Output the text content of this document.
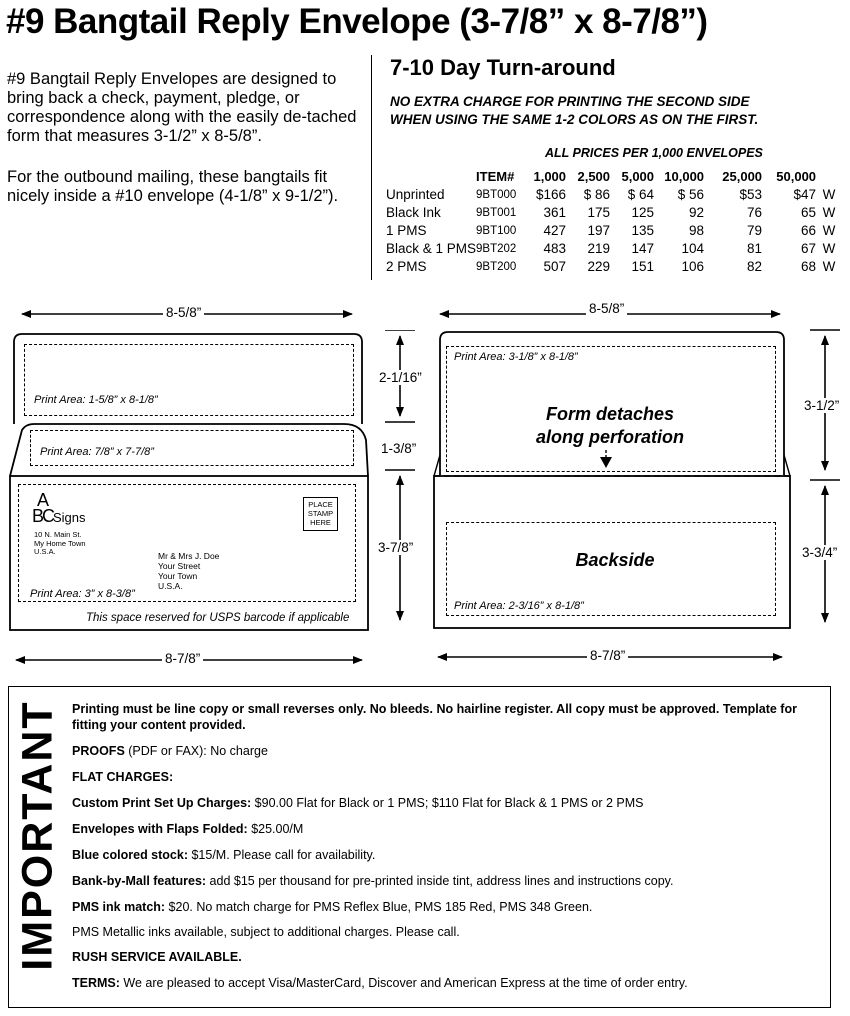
#9 Bangtail Reply Envelope (3-7/8” x 8-7/8”)

#9 Bangtail Reply Envelopes are designed to bring back a check, payment, pledge, or correspondence along with the easily de-tached form that measures 3-1/2” x 8-5/8”.

For the outbound mailing, these bangtails fit nicely inside a #10 envelope (4-1/8” x 9-1/2”).

7-10 Day Turn-around
NO EXTRA CHARGE FOR PRINTING THE SECOND SIDE
WHEN USING THE SAME 1-2 COLORS AS ON THE FIRST.
ALL PRICES PER 1,000 ENVELOPES
	ITEM#	1,000	2,500	5,000	10,000	25,000	50,000	
Unprinted	9BT000	$166	$ 86	$ 64	$ 56	$53	$47	W
Black Ink	9BT001	361	175	125	92	76	65	W
1 PMS	9BT100	427	197	135	98	79	66	W
Black & 1 PMS	9BT202	483	219	147	104	81	67	W
2 PMS	9BT200	507	229	151	106	82	68	W
8-5/8”
Print Area: 1-5/8” x 8-1/8”
Print Area: 7/8” x 7-7/8”
Print Area: 3” x 8-3/8”
A
B
C
Signs
10 N. Main St.
My Home Town
U.S.A.	Mr & Mrs J. Doe
Your Street
Your Town
U.S.A.
PLACE
STAMP
HERE
This space reserved for USPS barcode if applicable
8-7/8”
2-1/16”
1-3/8”
3-7/8”
8-5/8”
Print Area: 3-1/8” x 8-1/8”
Form detaches
along perforation
Backside
Print Area: 2-3/16” x 8-1/8”
8-7/8”
3-1/2”
3-3/4”
IMPORTANT Printing must be line copy or small reverses only. No bleeds. No hairline register. All copy must be approved. Template for fitting your content provided.

PROOFS (PDF or FAX): No charge

FLAT CHARGES:

Custom Print Set Up Charges: $90.00 Flat for Black or 1 PMS; $110 Flat for Black & 1 PMS or 2 PMS

Envelopes with Flaps Folded: $25.00/M

Blue colored stock: $15/M. Please call for availability.

Bank-by-Mall features: add $15 per thousand for pre-printed inside tint, address lines and instructions copy.

PMS ink match: $20. No match charge for PMS Reflex Blue, PMS 185 Red, PMS 348 Green.

PMS Metallic inks available, subject to additional charges. Please call.

RUSH SERVICE AVAILABLE.

TERMS: We are pleased to accept Visa/MasterCard, Discover and American Express at the time of order entry.
